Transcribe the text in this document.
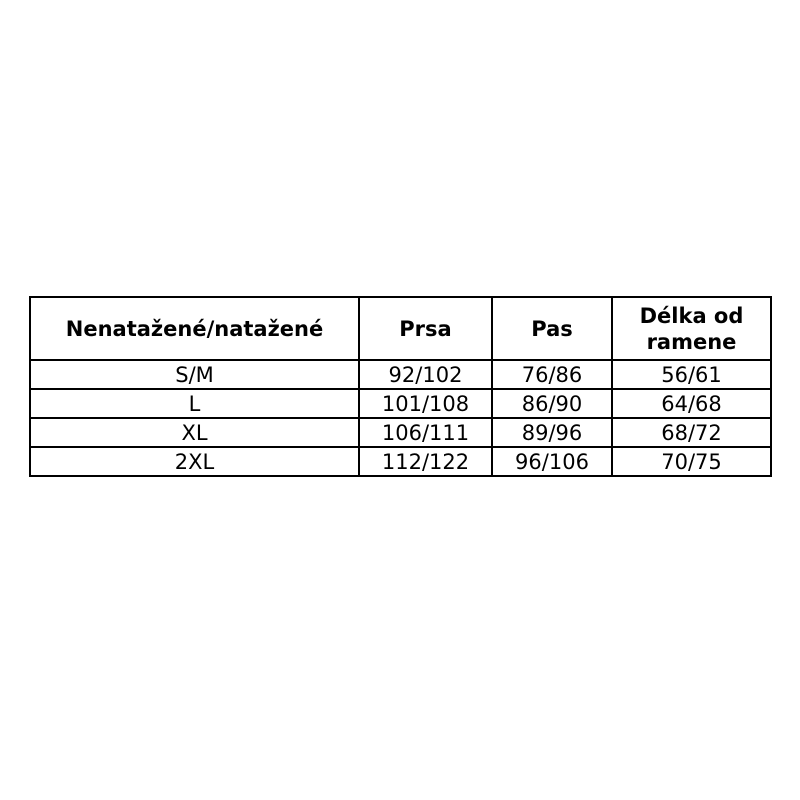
Nenatažené/natažené	Prsa	Pas	Délka od ramene
S/M	92/102	76/86	56/61
L	101/108	86/90	64/68
XL	106/111	89/96	68/72
2XL	112/122	96/106	70/75
